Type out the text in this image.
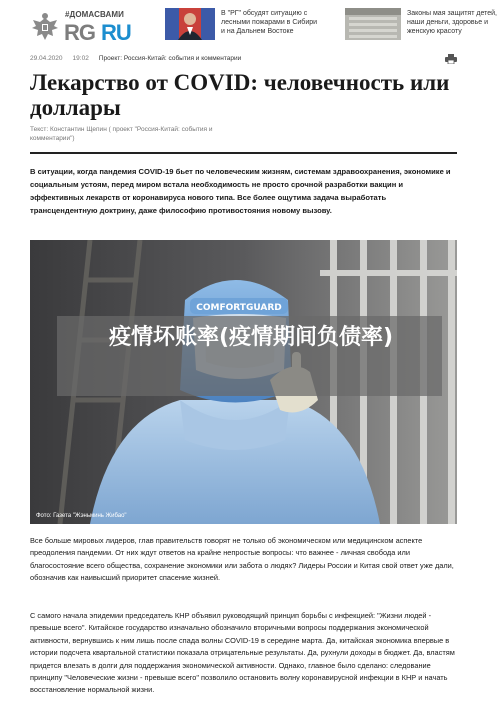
#ДОМАСВАМИ
RG RU
В "РГ" обсудят ситуацию с
лесными пожарами в Сибири
и на Дальнем Востоке
Законы мая защитят детей,
наши деньги, здоровье и
женскую красоту
29.04.2020 19:02 Проект: Россия-Китай: события и комментарии
Лекарство от COVID: человечность или доллары
Текст: Константин Щепин ( проект "Россия-Китай: события и комментарии")

В ситуации, когда пандемия COVID-19 бьет по человеческим жизням, системам здравоохранения, экономике и социальным устоям, перед миром встала необходимость не просто срочной разработки вакцин и эффективных лекарств от коронавируса нового типа. Все более ощутима задача выработать трансцендентную доктрину, даже философию противостояния новому вызову.

COMFORTGUARD
Фото: Газета "Жэньминь Жибао"
疫情坏账率(疫情期间负债率)

Все больше мировых лидеров, глав правительств говорят не только об экономическом или медицинском аспекте преодоления пандемии. От них ждут ответов на крайне непростые вопросы: что важнее - личная свобода или благосостояние всего общества, сохранение экономики или забота о людях? Лидеры России и Китая свой ответ уже дали, обозначив как наивысший приоритет спасение жизней.

С самого начала эпидемии председатель КНР объявил руководящий принцип борьбы с инфекцией: "Жизни людей - превыше всего". Китайское государство изначально обозначило вторичными вопросы поддержания экономической активности, вернувшись к ним лишь после спада волны COVID-19 в середине марта. Да, китайская экономика впервые в истории подсчета квартальной статистики показала отрицательные результаты. Да, рухнули доходы в бюджет. Да, властям придется влезать в долги для поддержания экономической активности. Однако, главное было сделано: следование принципу "Человеческие жизни - превыше всего" позволило остановить волну коронавирусной инфекции в КНР и начать восстановление нормальной жизни.
